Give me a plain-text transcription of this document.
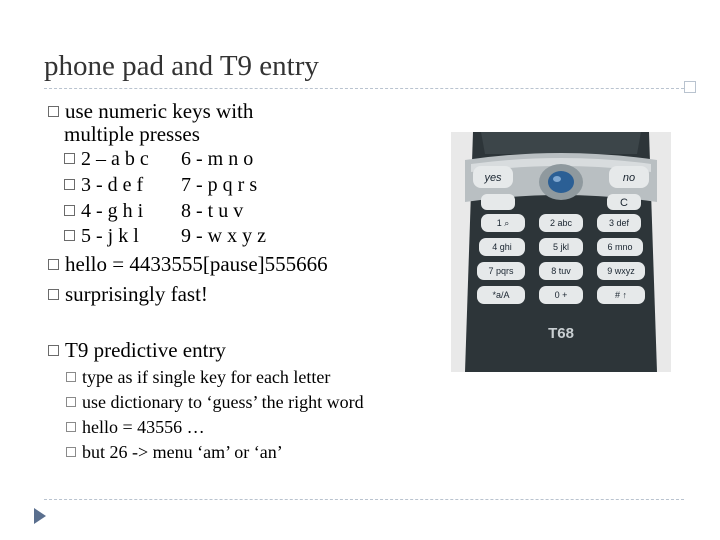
phone pad and T9 entry
use numeric keys with
multiple presses
2 – a b c 6 - m n o
3 - d e f 7 - p q r s
4 - g h i 8 - t u v
5 - j k l 9 - w x y z
hello = 4433555[pause]555666
surprisingly fast!
T9 predictive entry
type as if single key for each letter
use dictionary to ‘guess’ the right word
hello = 43556 …
but 26 -> menu ‘am’ or ‘an’
yes	no
C
1 ⌕	2 abc	3 def
4 ghi	5 jkl	6 mno
7 pqrs	8 tuv	9 wxyz
*a/A	0 +	# ↑
T68
